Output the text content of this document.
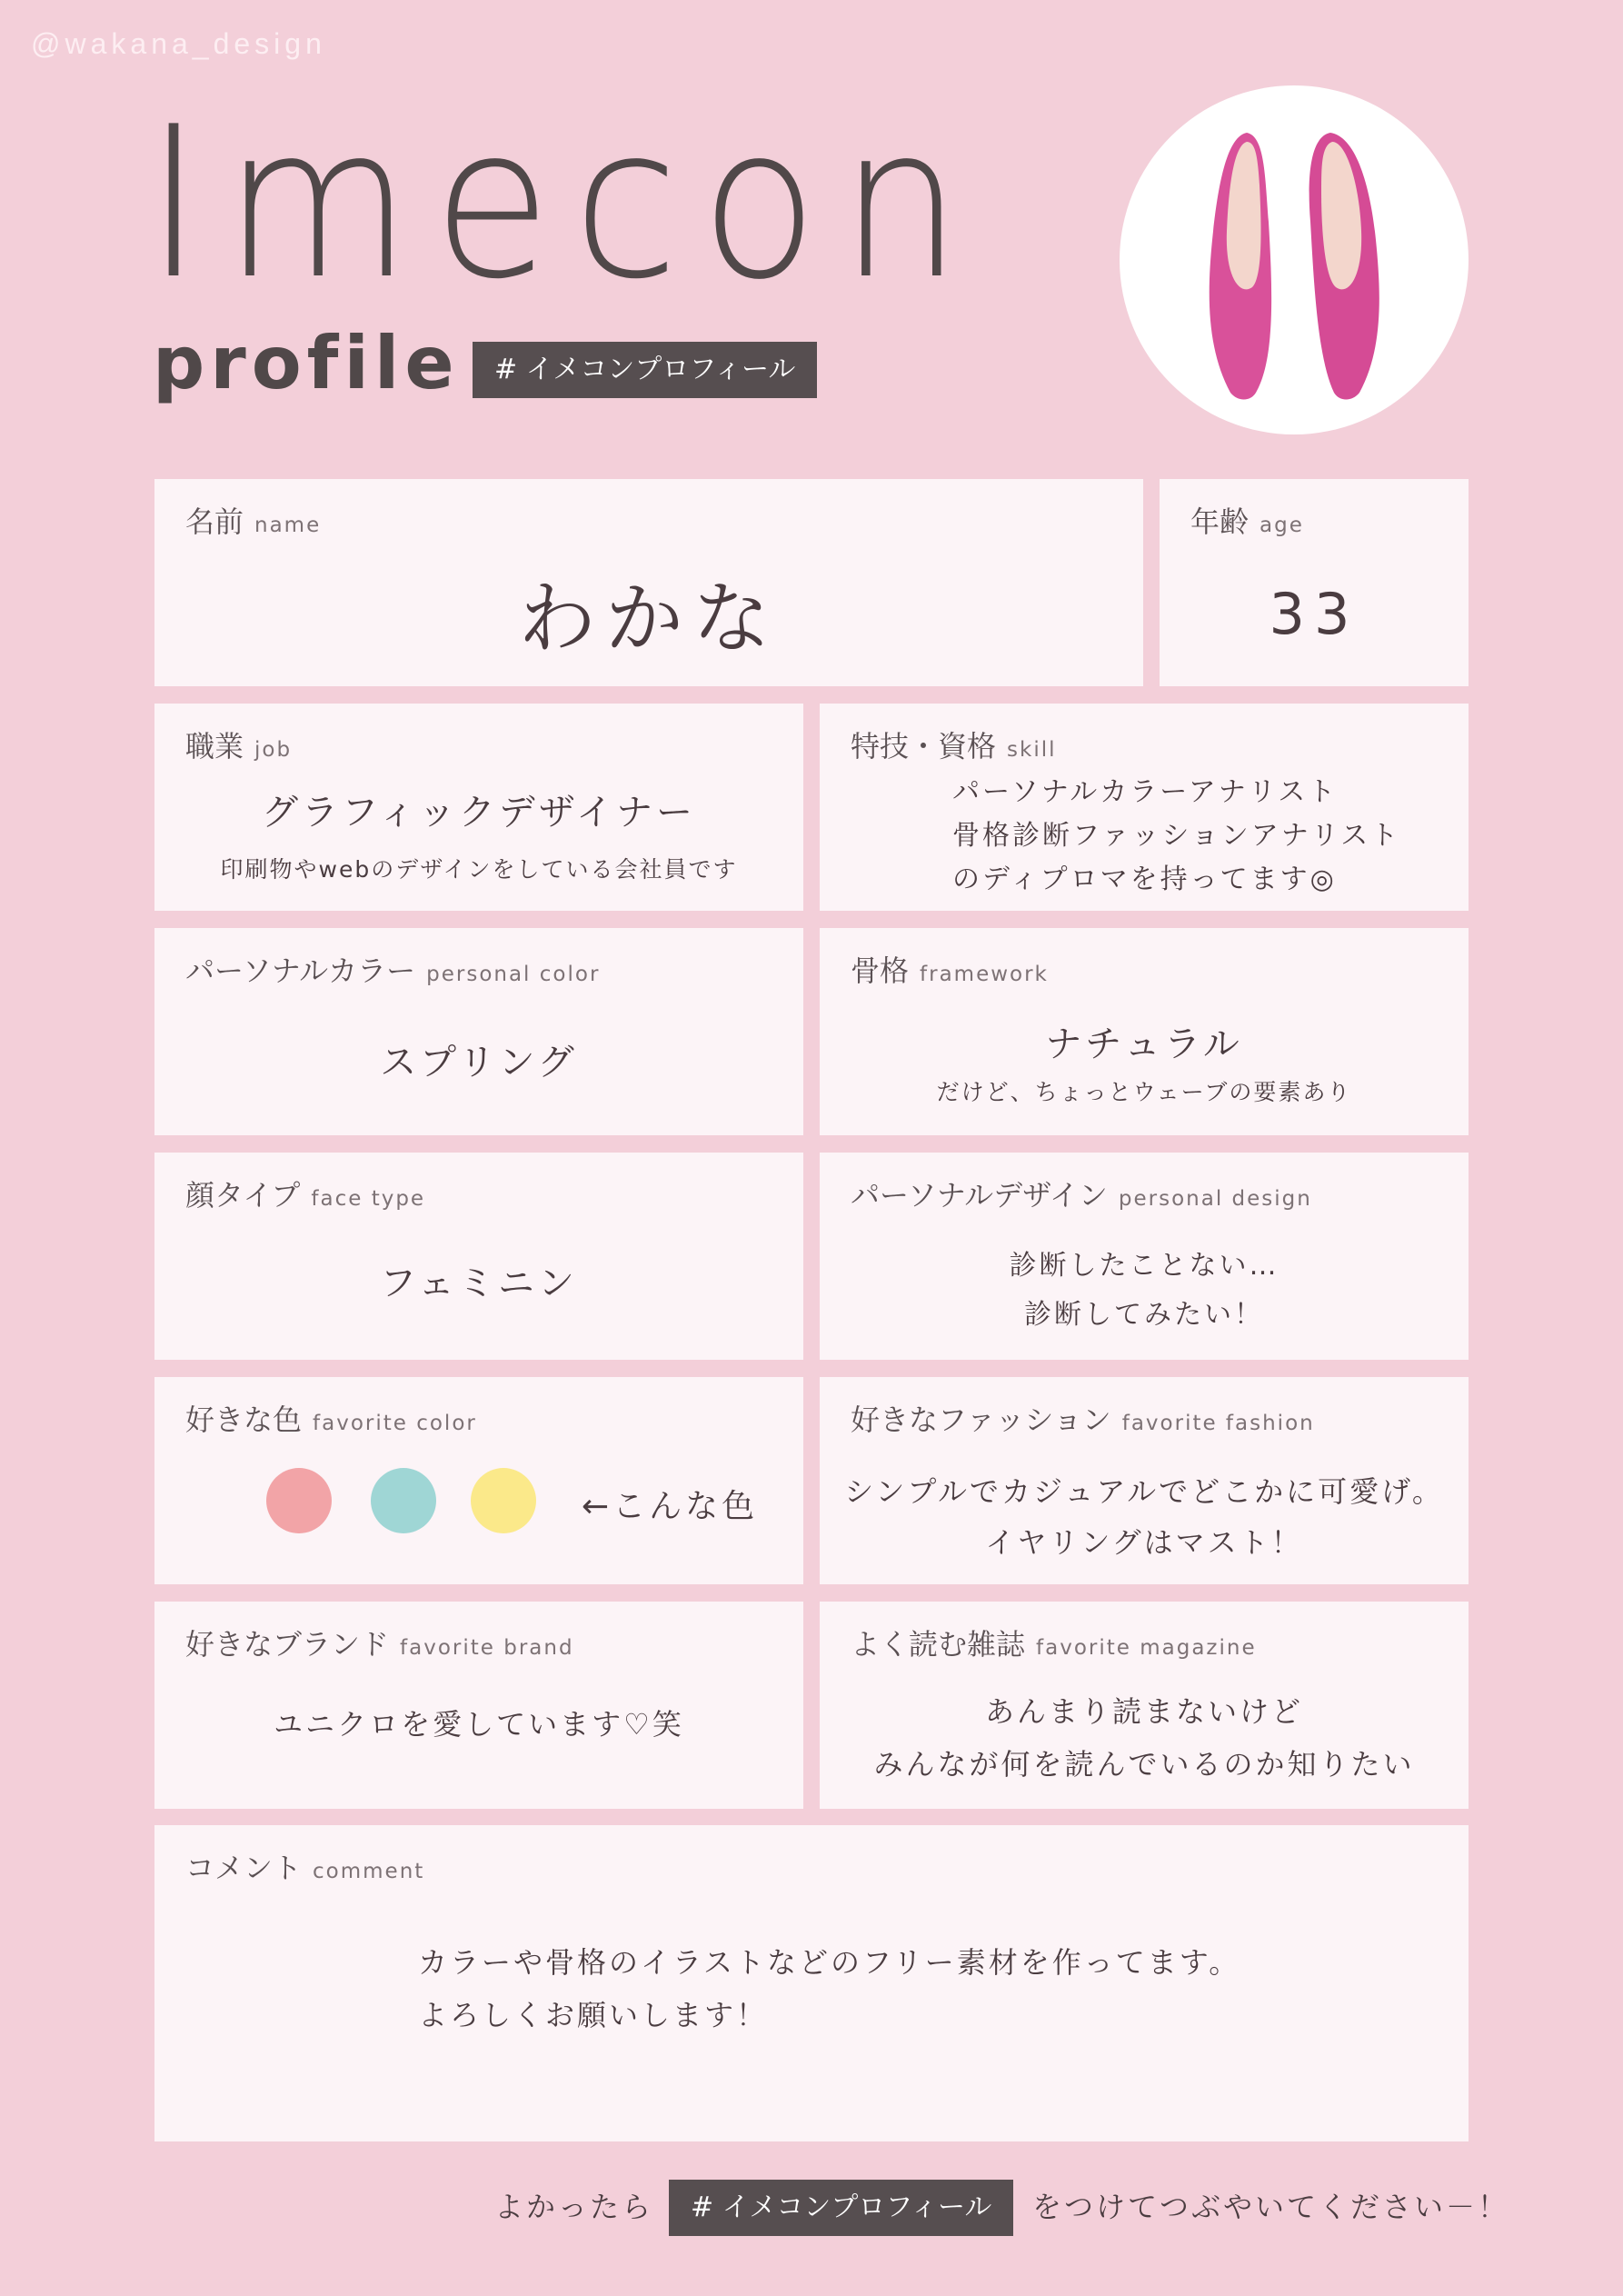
@wakana_design
Imecon
profile	# イメコンプロフィール
名前 name
わかな
年齢 age
33
職業 job
グラフィックデザイナー
印刷物やwebのデザインをしている会社員です
特技・資格 skill
パーソナルカラーアナリスト
骨格診断ファッションアナリスト
のディプロマを持ってます◎
パーソナルカラー personal color
スプリング
骨格 framework
ナチュラル
だけど、ちょっとウェーブの要素あり
顔タイプ face type
フェミニン
パーソナルデザイン personal design
診断したことない…
診断してみたい！
好きな色 favorite color
←こんな色
好きなファッション favorite fashion
シンプルでカジュアルでどこかに可愛げ。
イヤリングはマスト！
好きなブランド favorite brand
ユニクロを愛しています♡笑
よく読む雑誌 favorite magazine
あんまり読まないけど
みんなが何を読んでいるのか知りたい
コメント comment
カラーや骨格のイラストなどのフリー素材を作ってます。
よろしくお願いします！
よかったら	# イメコンプロフィール	をつけてつぶやいてください－！
